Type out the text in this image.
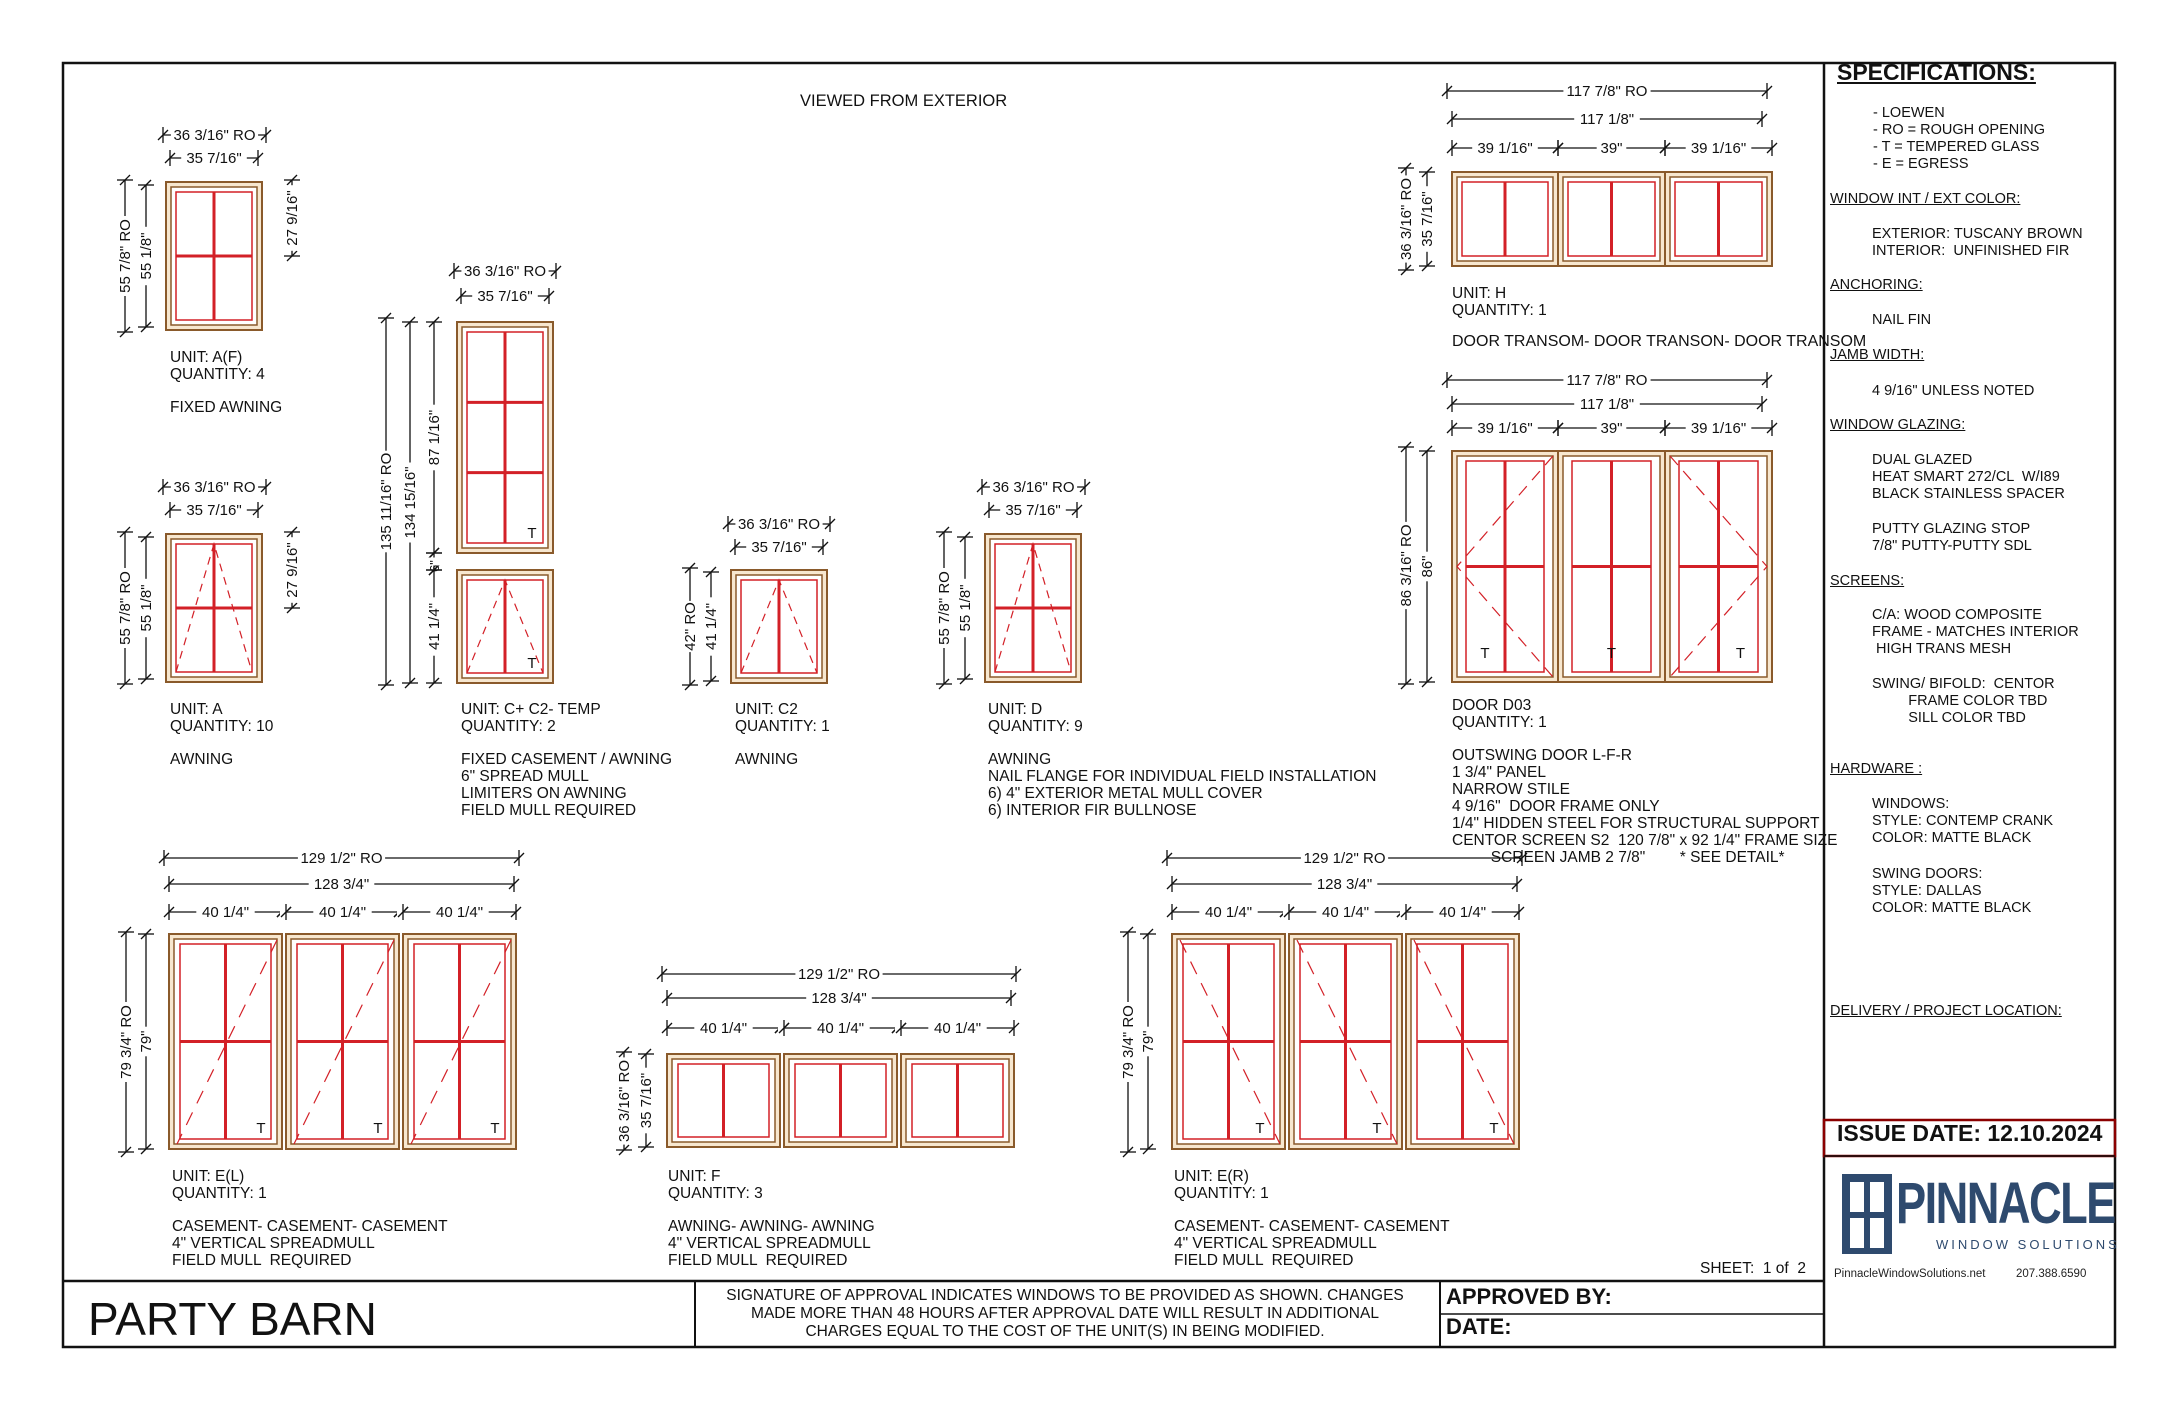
36 3/16" RO
35 7/16"
55 7/8" RO 55 1/8"
27 9/16"
36 3/16" RO
35 7/16"
55 7/8" RO 55 1/8"
27 9/16"
T
T
36 3/16" RO
35 7/16"
135 11/16" RO 134 15/16"
87 1/16"
41 1/4"
6"
36 3/16" RO
35 7/16"
42" RO 41 1/4"
36 3/16" RO
35 7/16"
55 7/8" RO 55 1/8"
117 7/8" RO
117 1/8"
39 1/16"	39"	39 1/16"
36 3/16" RO 35 7/16"
T	T	T
117 7/8" RO
117 1/8"
39 1/16"	39"	39 1/16"
86 3/16" RO 86"
T	T	T
129 1/2" RO
128 3/4"
40 1/4"	40 1/4"	40 1/4"
79 3/4" RO 79"
129 1/2" RO
128 3/4"
40 1/4"	40 1/4"	40 1/4"
36 3/16" RO 35 7/16"
T	T	T
129 1/2" RO
128 3/4"
40 1/4"	40 1/4"	40 1/4"
79 3/4" RO 79"
VIEWED FROM EXTERIOR
UNIT: A(F)
QUANTITY: 4
FIXED AWNING
UNIT: A
QUANTITY: 10
AWNING
UNIT: C+ C2- TEMP
QUANTITY: 2
FIXED CASEMENT / AWNING
6" SPREAD MULL
LIMITERS ON AWNING
FIELD MULL REQUIRED
UNIT: C2
QUANTITY: 1
AWNING
UNIT: D
QUANTITY: 9
AWNING
NAIL FLANGE FOR INDIVIDUAL FIELD INSTALLATION
6) 4" EXTERIOR METAL MULL COVER
6) INTERIOR FIR BULLNOSE
UNIT: H
QUANTITY: 1
DOOR TRANSOM- DOOR TRANSON- DOOR TRANSOM
DOOR D03
QUANTITY: 1
OUTSWING DOOR L-F-R
1 3/4" PANEL
NARROW STILE
4 9/16"  DOOR FRAME ONLY
1/4" HIDDEN STEEL FOR STRUCTURAL SUPPORT
CENTOR SCREEN S2  120 7/8" x 92 1/4" FRAME SIZE
SCREEN JAMB 2 7/8"        * SEE DETAIL*
UNIT: E(L)
QUANTITY: 1
CASEMENT- CASEMENT- CASEMENT
4" VERTICAL SPREADMULL
FIELD MULL  REQUIRED
UNIT: F
QUANTITY: 3
AWNING- AWNING- AWNING
4" VERTICAL SPREADMULL
FIELD MULL  REQUIRED
UNIT: E(R)
QUANTITY: 1
CASEMENT- CASEMENT- CASEMENT
4" VERTICAL SPREADMULL
FIELD MULL  REQUIRED
SPECIFICATIONS:
- LOEWEN
- RO = ROUGH OPENING
- T = TEMPERED GLASS
- E = EGRESS
WINDOW INT / EXT COLOR:
EXTERIOR: TUSCANY BROWN
INTERIOR:  UNFINISHED FIR
ANCHORING:
NAIL FIN
JAMB WIDTH:
4 9/16" UNLESS NOTED
WINDOW GLAZING:
DUAL GLAZED
HEAT SMART 272/CL  W/I89
BLACK STAINLESS SPACER
PUTTY GLAZING STOP
7/8" PUTTY-PUTTY SDL
SCREENS:
C/A: WOOD COMPOSITE
FRAME - MATCHES INTERIOR
HIGH TRANS MESH
SWING/ BIFOLD:  CENTOR
FRAME COLOR TBD
SILL COLOR TBD
HARDWARE :
WINDOWS:
STYLE: CONTEMP CRANK
COLOR: MATTE BLACK
SWING DOORS:
STYLE: DALLAS
COLOR: MATTE BLACK
DELIVERY / PROJECT LOCATION:
ISSUE DATE: 12.10.2024
PINNACLE
WINDOW SOLUTIONS
PinnacleWindowSolutions.net	207.388.6590
PARTY BARN	SIGNATURE OF APPROVAL INDICATES WINDOWS TO BE PROVIDED AS SHOWN. CHANGES
MADE MORE THAN 48 HOURS AFTER APPROVAL DATE WILL RESULT IN ADDITIONAL
CHARGES EQUAL TO THE COST OF THE UNIT(S) IN BEING MODIFIED.
APPROVED BY:
DATE:
SHEET:  1 of  2
